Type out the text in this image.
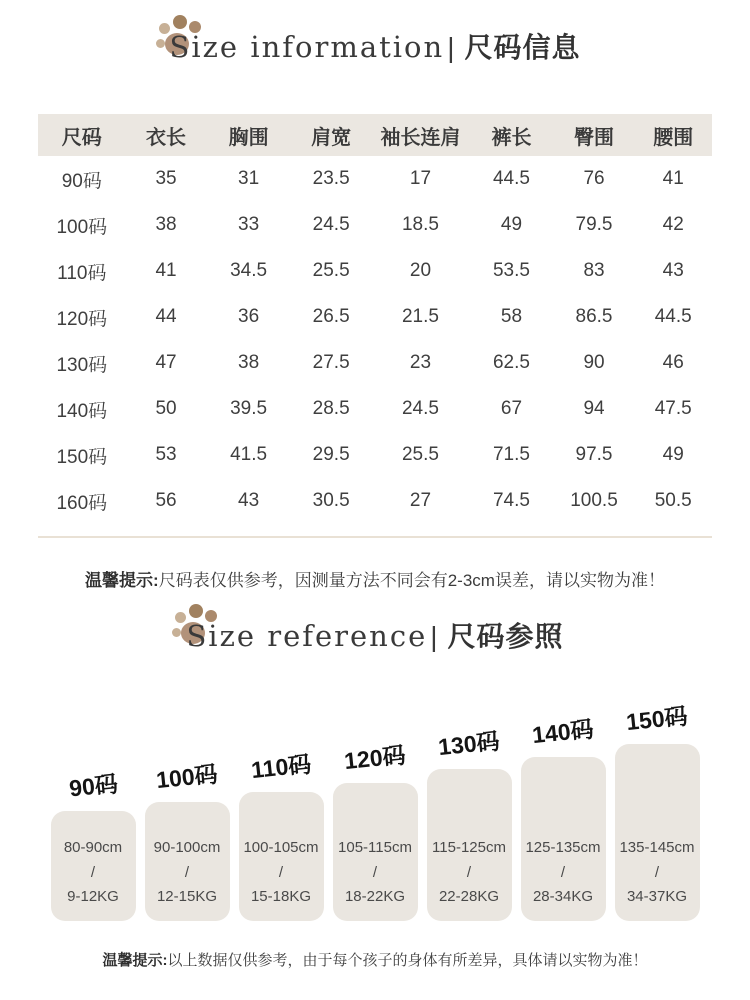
Size information | 尺码信息
尺码	衣长	胸围	肩宽	袖长连肩	裤长	臀围	腰围
90码	35	31	23.5	17	44.5	76	41
100码	38	33	24.5	18.5	49	79.5	42
110码	41	34.5	25.5	20	53.5	83	43
120码	44	36	26.5	21.5	58	86.5	44.5
130码	47	38	27.5	23	62.5	90	46
140码	50	39.5	28.5	24.5	67	94	47.5
150码	53	41.5	29.5	25.5	71.5	97.5	49
160码	56	43	30.5	27	74.5	100.5	50.5

温馨提示:尺码表仅供参考，因测量方法不同会有2-3cm误差，请以实物为准！

Size reference | 尺码参照
90码
80-90cm
/
9-12KG
100码
90-100cm
/
12-15KG
110码
100-105cm
/
15-18KG
120码
105-115cm
/
18-22KG
130码
115-125cm
/
22-28KG
140码
125-135cm
/
28-34KG
150码
135-145cm
/
34-37KG

温馨提示:以上数据仅供参考，由于每个孩子的身体有所差异，具体请以实物为准！
